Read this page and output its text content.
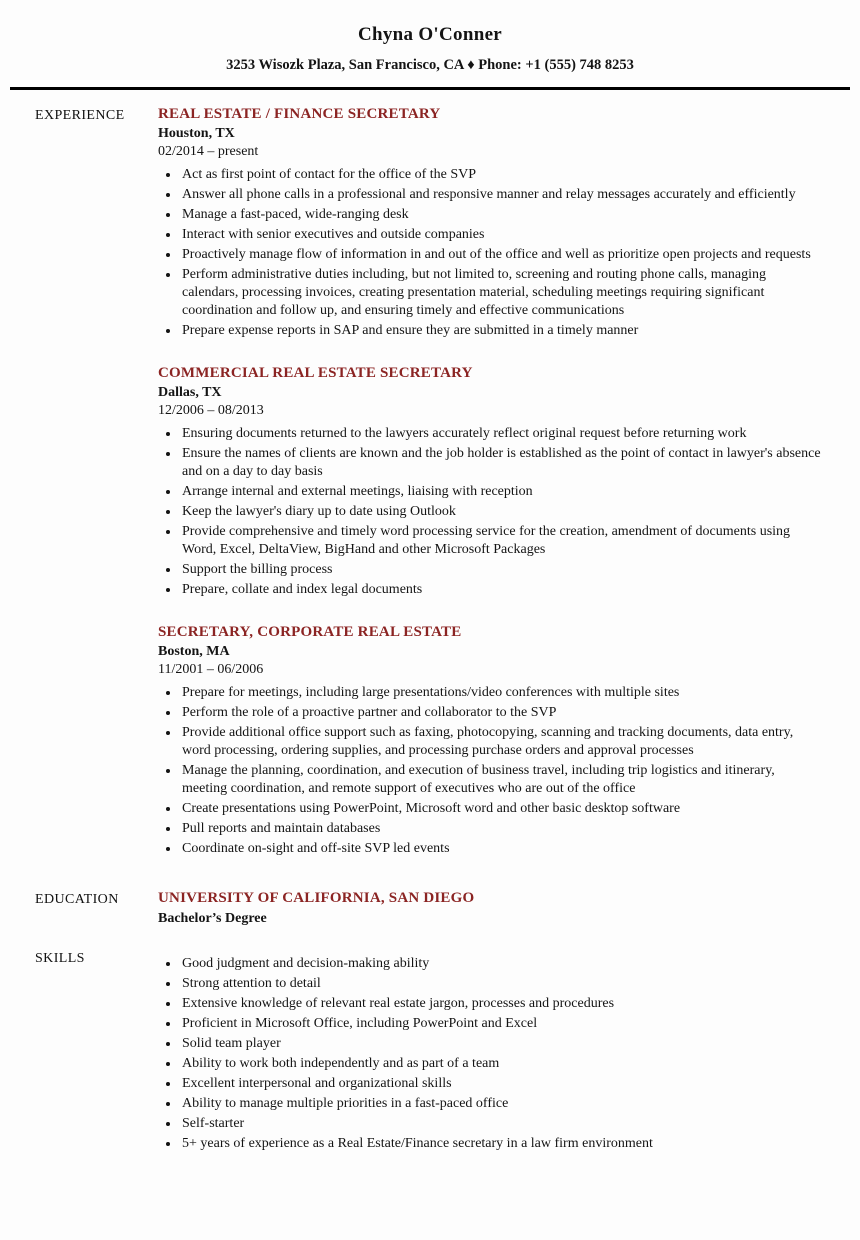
Chyna O'Conner
3253 Wisozk Plaza, San Francisco, CA ♦ Phone: +1 (555) 748 8253
EXPERIENCE	REAL ESTATE / FINANCE SECRETARY
Houston, TX
02/2014 – present
• Act as first point of contact for the office of the SVP
• Answer all phone calls in a professional and responsive manner and relay messages accurately and efficiently
• Manage a fast-paced, wide-ranging desk
• Interact with senior executives and outside companies
• Proactively manage flow of information in and out of the office and well as prioritize open projects and requests
• Perform administrative duties including, but not limited to, screening and routing phone calls, managing calendars, processing invoices, creating presentation material, scheduling meetings requiring significant coordination and follow up, and ensuring timely and effective communications
• Prepare expense reports in SAP and ensure they are submitted in a timely manner
COMMERCIAL REAL ESTATE SECRETARY
Dallas, TX
12/2006 – 08/2013
• Ensuring documents returned to the lawyers accurately reflect original request before returning work
• Ensure the names of clients are known and the job holder is established as the point of contact in lawyer's absence and on a day to day basis
• Arrange internal and external meetings, liaising with reception
• Keep the lawyer's diary up to date using Outlook
• Provide comprehensive and timely word processing service for the creation, amendment of documents using Word, Excel, DeltaView, BigHand and other Microsoft Packages
• Support the billing process
• Prepare, collate and index legal documents
SECRETARY, CORPORATE REAL ESTATE
Boston, MA
11/2001 – 06/2006
• Prepare for meetings, including large presentations/video conferences with multiple sites
• Perform the role of a proactive partner and collaborator to the SVP
• Provide additional office support such as faxing, photocopying, scanning and tracking documents, data entry, word processing, ordering supplies, and processing purchase orders and approval processes
• Manage the planning, coordination, and execution of business travel, including trip logistics and itinerary, meeting coordination, and remote support of executives who are out of the office
• Create presentations using PowerPoint, Microsoft word and other basic desktop software
• Pull reports and maintain databases
• Coordinate on-sight and off-site SVP led events
EDUCATION	UNIVERSITY OF CALIFORNIA, SAN DIEGO
Bachelor’s Degree
SKILLS	• Good judgment and decision-making ability
• Strong attention to detail
• Extensive knowledge of relevant real estate jargon, processes and procedures
• Proficient in Microsoft Office, including PowerPoint and Excel
• Solid team player
• Ability to work both independently and as part of a team
• Excellent interpersonal and organizational skills
• Ability to manage multiple priorities in a fast-paced office
• Self-starter
• 5+ years of experience as a Real Estate/Finance secretary in a law firm environment
